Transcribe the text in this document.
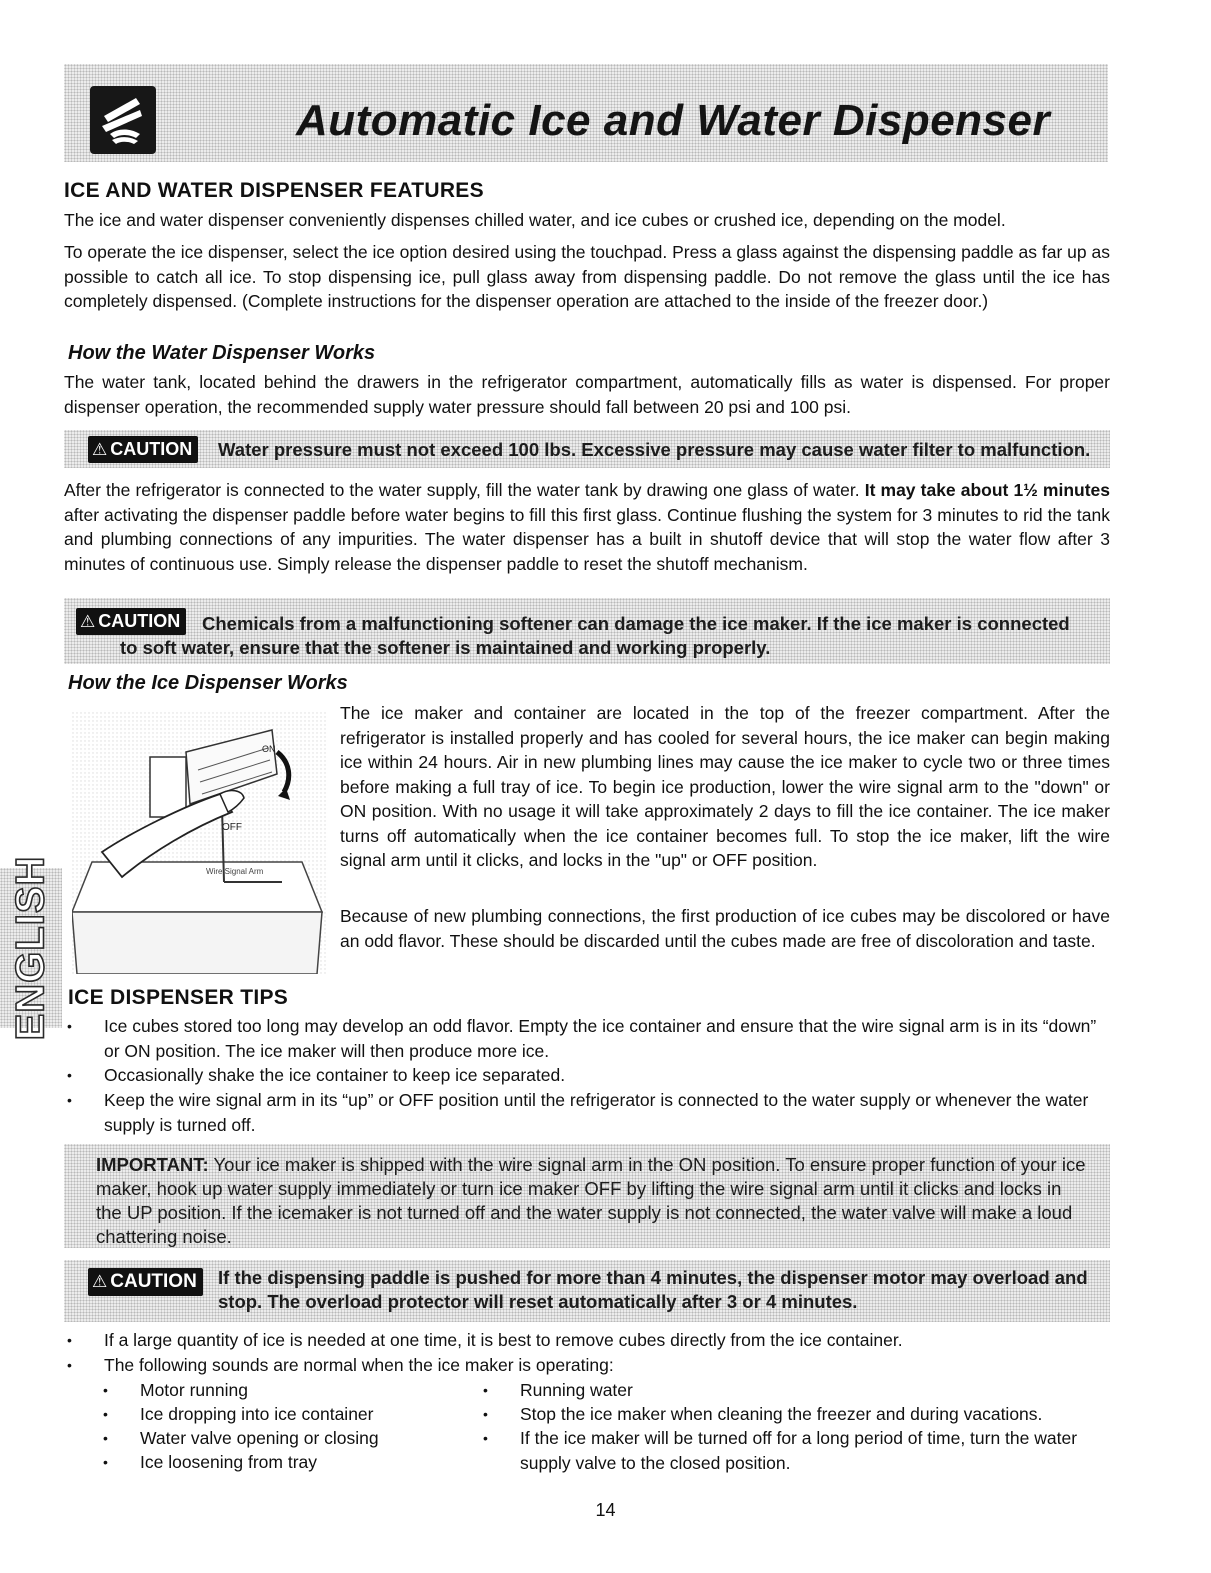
Automatic Ice and Water Dispenser
ICE AND WATER DISPENSER FEATURES

The ice and water dispenser conveniently dispenses chilled water, and ice cubes or crushed ice, depending on the model.

To operate the ice dispenser, select the ice option desired using the touchpad. Press a glass against the dispensing paddle as far up as possible to catch all ice. To stop dispensing ice, pull glass away from dispensing paddle. Do not remove the glass until the ice has completely dispensed. (Complete instructions for the dispenser operation are attached to the inside of the freezer door.)

How the Water Dispenser Works

The water tank, located behind the drawers in the refrigerator compartment, automatically fills as water is dispensed. For proper dispenser operation, the recommended supply water pressure should fall between 20 psi and 100 psi.

⚠ CAUTION	Water pressure must not exceed 100 lbs. Excessive pressure may cause water filter to malfunction.

After the refrigerator is connected to the water supply, fill the water tank by drawing one glass of water. It may take about 1½ minutes after activating the dispenser paddle before water begins to fill this first glass. Continue flushing the system for 3 minutes to rid the tank and plumbing connections of any impurities. The water dispenser has a built in shutoff device that will stop the water flow after 3 minutes of continuous use. Simply release the dispenser paddle to reset the shutoff mechanism.

⚠ CAUTION	Chemicals from a malfunctioning softener can damage the ice maker. If the ice maker is connected to soft water, ensure that the softener is maintained and working properly.

How the Ice Dispenser Works
ON
OFF
Wire Signal Arm

The ice maker and container are located in the top of the freezer compartment. After the refrigerator is installed properly and has cooled for several hours, the ice maker can begin making ice within 24 hours. Air in new plumbing lines may cause the ice maker to cycle two or three times before making a full tray of ice. To begin ice production, lower the wire signal arm to the "down" or ON position. With no usage it will take approximately 2 days to fill the ice container. The ice maker turns off automatically when the ice container becomes full. To stop the ice maker, lift the wire signal arm until it clicks, and locks in the "up" or OFF position.

Because of new plumbing connections, the first production of ice cubes may be discolored or have an odd flavor. These should be discarded until the cubes made are free of discoloration and taste.

ENGLISH ICE DISPENSER TIPS

• Ice cubes stored too long may develop an odd flavor. Empty the ice container and ensure that the wire signal arm is in its “down” or ON position. The ice maker will then produce more ice.

• Occasionally shake the ice container to keep ice separated.

• Keep the wire signal arm in its “up” or OFF position until the refrigerator is connected to the water supply or whenever the water supply is turned off.

IMPORTANT: Your ice maker is shipped with the wire signal arm in the ON position. To ensure proper function of your ice maker, hook up water supply immediately or turn ice maker OFF by lifting the wire signal arm until it clicks and locks in the UP position. If the icemaker is not turned off and the water supply is not connected, the water valve will make a loud chattering noise.

⚠ CAUTION	If the dispensing paddle is pushed for more than 4 minutes, the dispenser motor may overload and stop. The overload protector will reset automatically after 3 or 4 minutes.

• If a large quantity of ice is needed at one time, it is best to remove cubes directly from the ice container.

• The following sounds are normal when the ice maker is operating:

• Motor running

• Ice dropping into ice container

• Water valve opening or closing

• Ice loosening from tray

• Running water

• Stop the ice maker when cleaning the freezer and during vacations.

• If the ice maker will be turned off for a long period of time, turn the water supply valve to the closed position.

14
